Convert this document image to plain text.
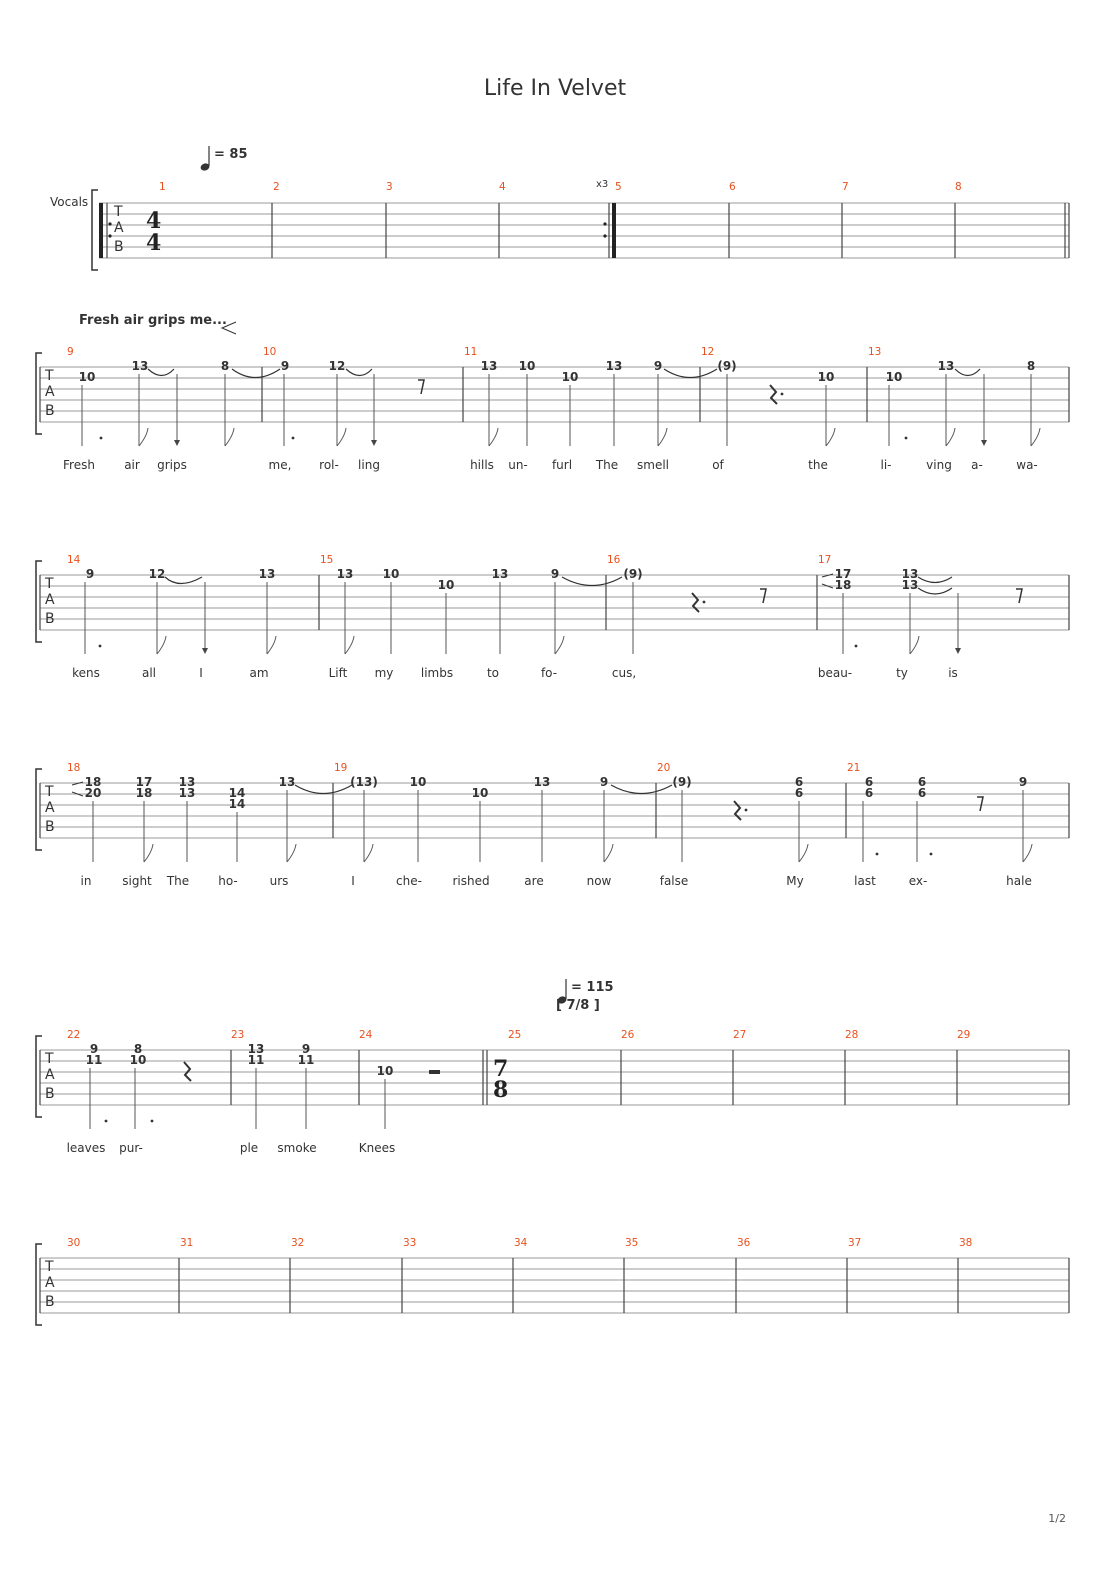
Life In Velvet
= 85
Vocals
T
A
B
4
4
x3
1	2	3	4	5	6	7	8
Fresh air grips me...
T
A
B
9	10	11	12	13
10
13	8	9	12	13 10
10
13	9	(9)
10	10
13	8
Fresh air grips	me, rol- ling	hills un- furl The smell	of	the	li-	ving a-	wa-
T
A
B
14	15	16	17
9	12	13	13 10
10
13	9	(9)	17
18
13
13
kens	all	I	am	Lift my limbs	to	fo-	cus,	beau-	ty	is
T
A
B
18	19	20	21
18
20
17
18
13
13	14
14
13	(13)	10
10
13	9	(9)	6
6
6
6
6
6
9
in	sight The ho-	urs	I	che-	rished	are	now	false	My	last	ex-	hale
= 115
[ 7/8 ]
T
A
B
7
8
22	23	24	25	26	27	28	29
9
11
8
10
13
11
9
11
10
leaves pur-	ple smoke	Knees
T
A
B
30	31	32	33	34	35	36	37	38
1/2
